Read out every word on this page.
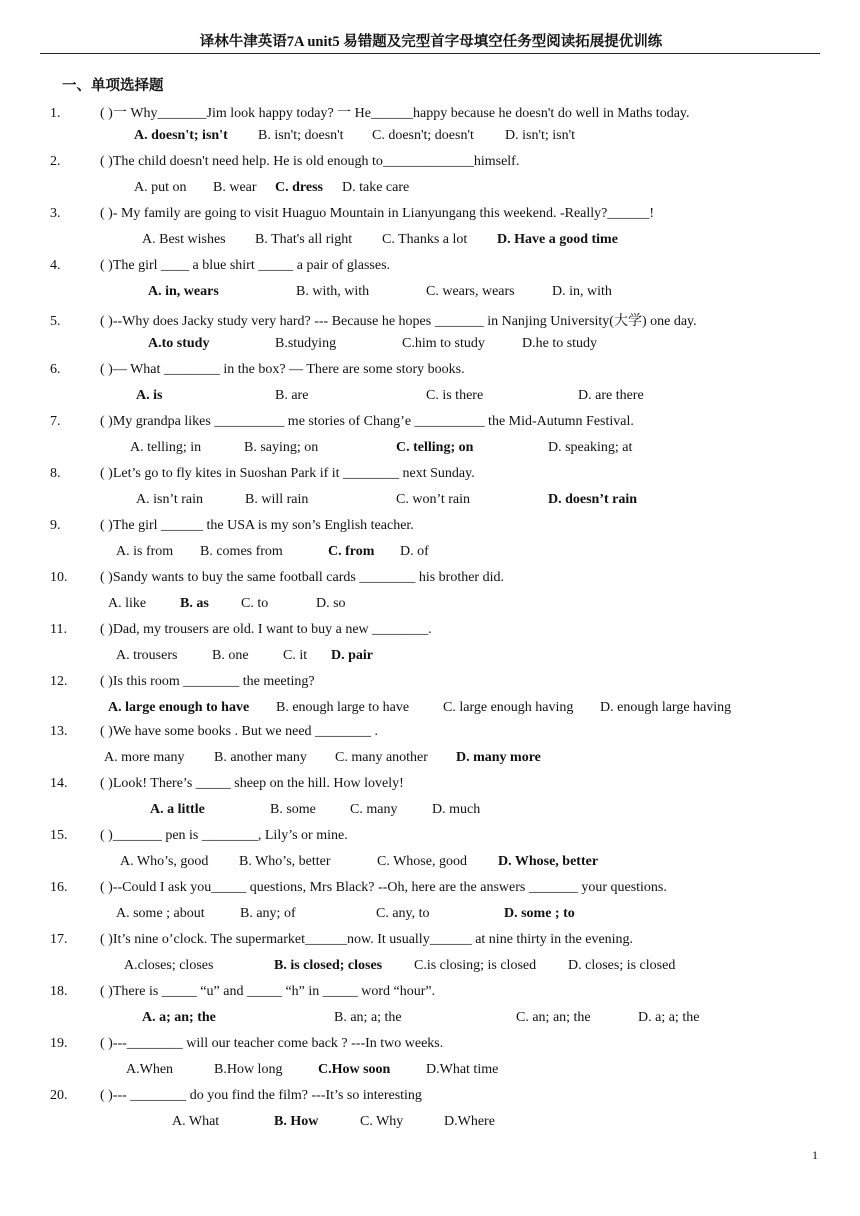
译林牛津英语7A unit5 易错题及完型首字母填空任务型阅读拓展提优训练
一、单项选择题
1.	( )一 Why_______Jim look happy today? 一 He______happy because he doesn't do well in Maths today.
A. doesn't; isn't B. isn't; doesn't C. doesn't; doesn't D. isn't; isn't
2.	( )The child doesn't need help. He is old enough to_____________himself.
A. put on B. wear C. dress D. take care
3.	( )- My family are going to visit Huaguo Mountain in Lianyungang this weekend. -Really?______!
A. Best wishes B. That's all right C. Thanks a lot D. Have a good time
4.	( )The girl ____ a blue shirt _____ a pair of glasses.
A. in, wears	B. with, with	C. wears, wears	D. in, with
5.	( )--Why does Jacky study very hard? --- Because he hopes _______ in Nanjing University(大学) one day.
A.to study	B.studying	C.him to study	D.he to study
6.	( )— What ________ in the box? — There are some story books.
A. is	B. are	C. is there	D. are there
7.	( )My grandpa likes __________ me stories of Chang’e __________ the Mid-Autumn Festival.
A. telling; in	B. saying; on	C. telling; on	D. speaking; at
8.	( )Let’s go to fly kites in Suoshan Park if it ________ next Sunday.
A. isn’t rain	B. will rain	C. won’t rain	D. doesn’t rain
9.	( )The girl ______ the USA is my son’s English teacher.
A. is from B. comes from	C. from D. of
10. ( )Sandy wants to buy the same football cards ________ his brother did.
A. like B. as C. to	D. so
11. ( )Dad, my trousers are old. I want to buy a new ________.
A. trousers B. one C. it D. pair
12. ( )Is this room ________ the meeting?
A. large enough to have B. enough large to have C. large enough having D. enough large having
13. ( )We have some books . But we need ________ .
A. more many B. another many C. many another D. many more
14. ( )Look! There’s _____ sheep on the hill. How lovely!
A. a little	B. some C. many D. much
15. ( )_______ pen is ________, Lily’s or mine.
A. Who’s, good B. Who’s, better	C. Whose, good D. Whose, better
16. ( )--Could I ask you_____ questions, Mrs Black? --Oh, here are the answers _______ your questions.
A. some ; about	B. any; of	C. any, to	D. some ; to
17. ( )It’s nine o’clock. The supermarket______now. It usually______ at nine thirty in the evening.
A.closes; closes	B. is closed; closes C.is closing; is closed D. closes; is closed
18. ( )There is _____ “u” and _____ “h” in _____ word “hour”.
A. a; an; the	B. an; a; the	C. an; an; the	D. a; a; the
19. ( )---________ will our teacher come back ? ---In two weeks.
A.When	B.How long	C.How soon	D.What time
20. ( )--- ________ do you find the film? ---It’s so interesting
A. What	B. How	C. Why	D.Where
1
